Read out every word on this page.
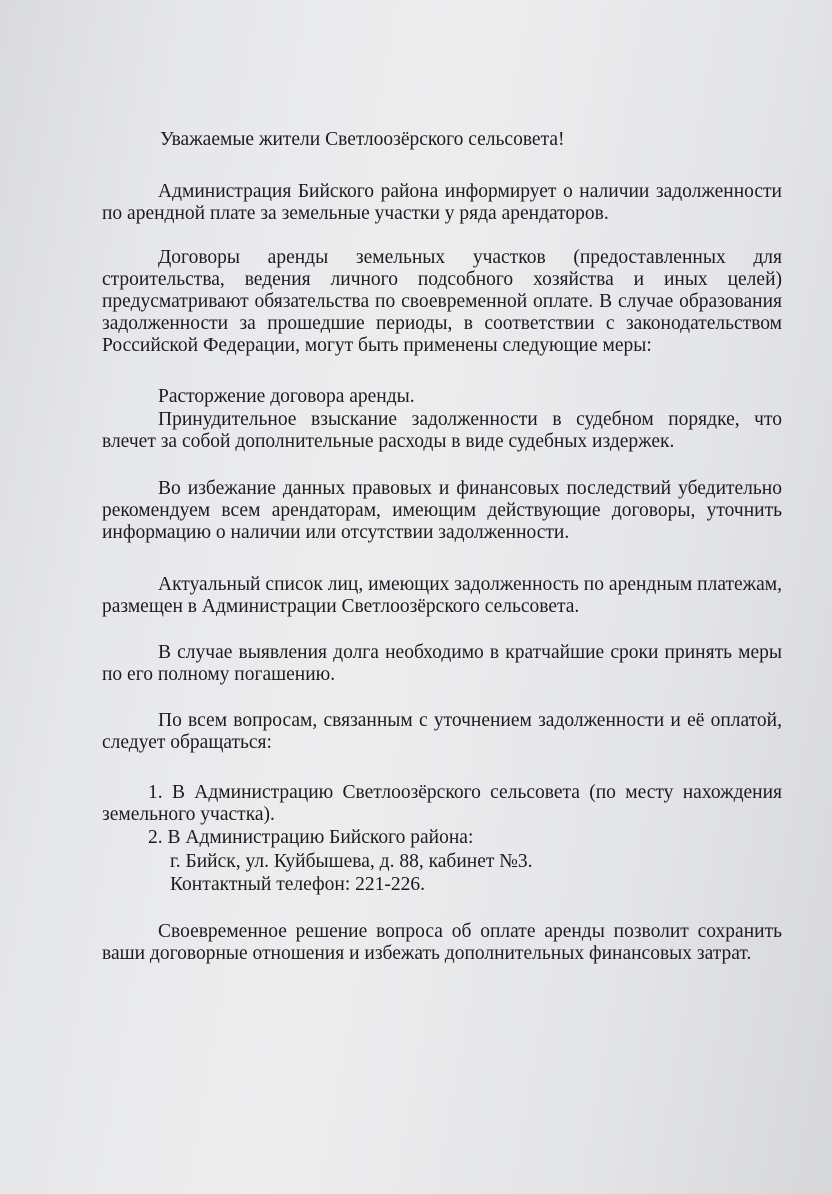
Уважаемые жители Светлоозёрского сельсовета!

Администрация Бийского района информирует о наличии задолженности по арендной плате за земельные участки у ряда арендаторов.

Договоры аренды земельных участков (предоставленных для строительства, ведения личного подсобного хозяйства и иных целей) предусматривают обязательства по своевременной оплате. В случае образования задолженности за прошедшие периоды, в соответствии с законодательством Российской Федерации, могут быть применены следующие меры:

Расторжение договора аренды.

Принудительное взыскание задолженности в судебном порядке, что влечет за собой дополнительные расходы в виде судебных издержек.

Во избежание данных правовых и финансовых последствий убедительно рекомендуем всем арендаторам, имеющим действующие договоры, уточнить информацию о наличии или отсутствии задолженности.

Актуальный список лиц, имеющих задолженность по арендным платежам, размещен в Администрации Светлоозёрского сельсовета.

В случае выявления долга необходимо в кратчайшие сроки принять меры по его полному погашению.

По всем вопросам, связанным с уточнением задолженности и её оплатой, следует обращаться:

1. В Администрацию Светлоозёрского сельсовета (по месту нахождения земельного участка).

2. В Администрацию Бийского района:

г. Бийск, ул. Куйбышева, д. 88, кабинет №3.

Контактный телефон: 221-226.

Своевременное решение вопроса об оплате аренды позволит сохранить ваши договорные отношения и избежать дополнительных финансовых затрат.
